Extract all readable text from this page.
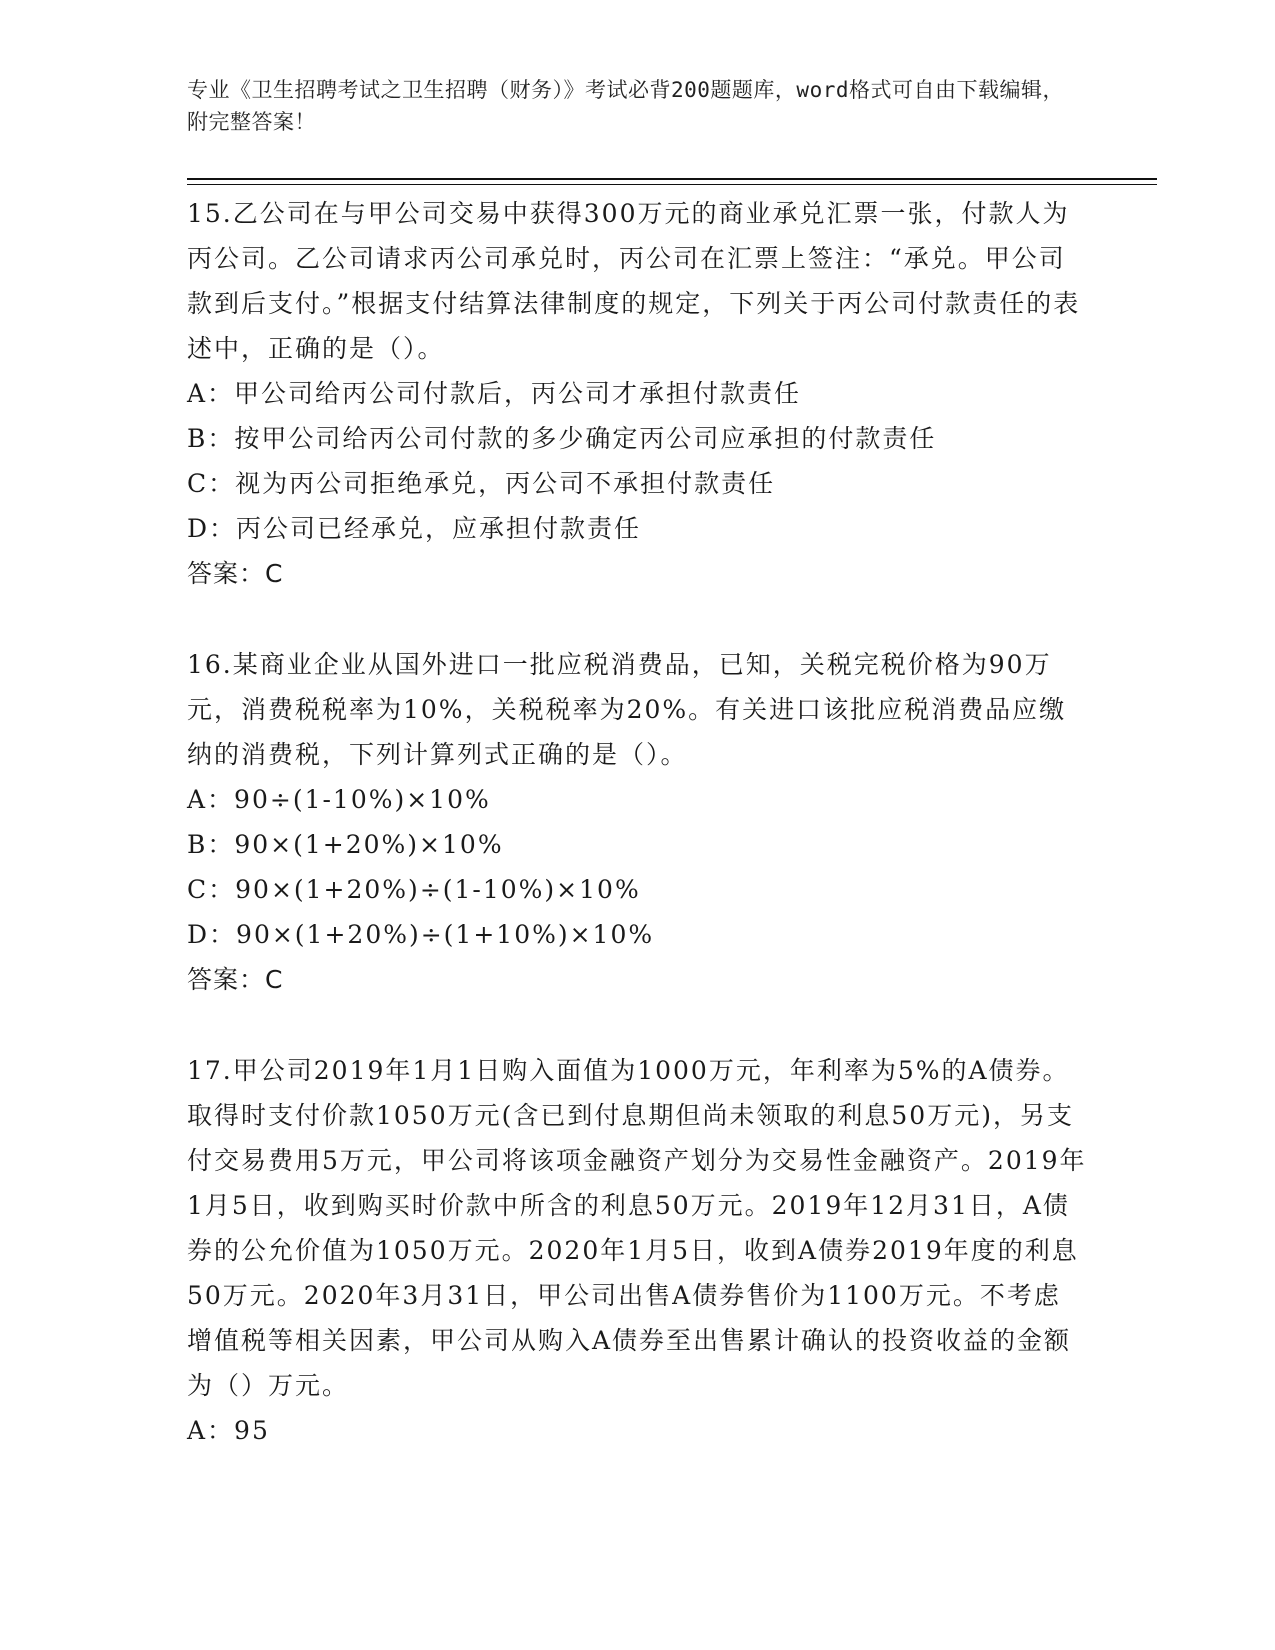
专业《卫生招聘考试之卫生招聘（财务）》考试必背200题题库，word格式可自由下载编辑，附完整答案！

15.乙公司在与甲公司交易中获得300万元的商业承兑汇票一张，付款人为丙公司。乙公司请求丙公司承兑时，丙公司在汇票上签注：“承兑。甲公司款到后支付。”根据支付结算法律制度的规定，下列关于丙公司付款责任的表述中，正确的是（）。

A：甲公司给丙公司付款后，丙公司才承担付款责任

B：按甲公司给丙公司付款的多少确定丙公司应承担的付款责任

C：视为丙公司拒绝承兑，丙公司不承担付款责任

D：丙公司已经承兑，应承担付款责任

答案：C

16.某商业企业从国外进口一批应税消费品，已知，关税完税价格为90万元，消费税税率为10%，关税税率为20%。有关进口该批应税消费品应缴纳的消费税，下列计算列式正确的是（）。

A：90÷(1-10%)×10%

B：90×(1+20%)×10%

C：90×(1+20%)÷(1-10%)×10%

D：90×(1+20%)÷(1+10%)×10%

答案：C

17.甲公司2019年1月1日购入面值为1000万元，年利率为5%的A债券。取得时支付价款1050万元(含已到付息期但尚未领取的利息50万元)，另支付交易费用5万元，甲公司将该项金融资产划分为交易性金融资产。2019年1月5日，收到购买时价款中所含的利息50万元。2019年12月31日，A债券的公允价值为1050万元。2020年1月5日，收到A债券2019年度的利息50万元。2020年3月31日，甲公司出售A债券售价为1100万元。不考虑增值税等相关因素，甲公司从购入A债券至出售累计确认的投资收益的金额为（）万元。

A：95
